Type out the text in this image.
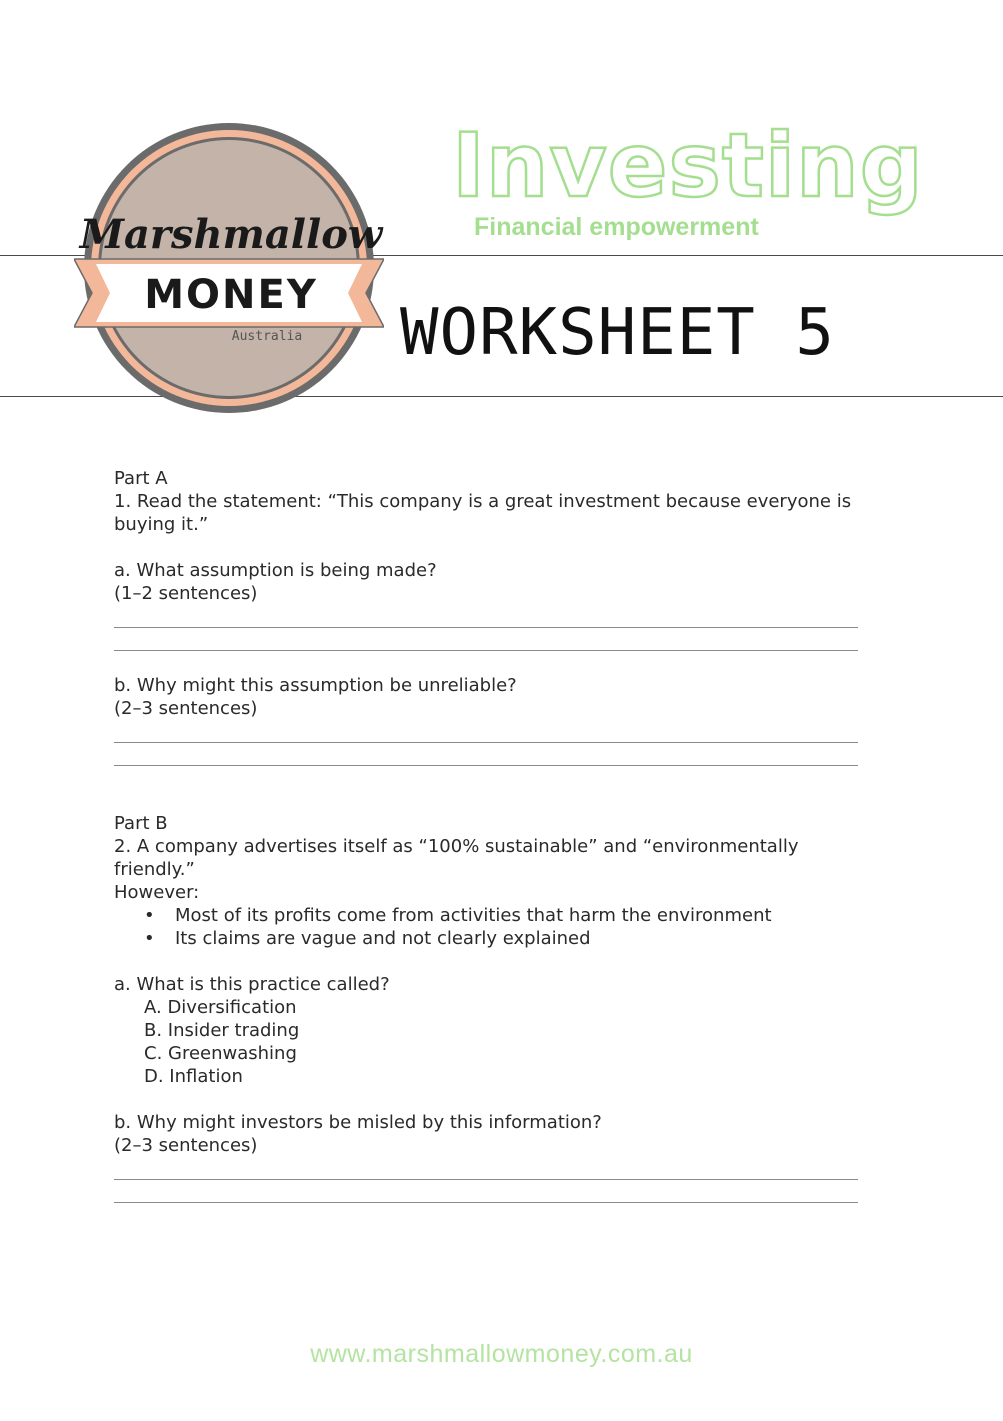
Marshmallow
MONEY
Australia
Investing
Financial empowerment
WORKSHEET 5

Part A

1. Read the statement: “This company is a great investment because everyone is

buying it.”

a. What assumption is being made?

(1–2 sentences)

b. Why might this assumption be unreliable?

(2–3 sentences)

Part B

2. A company advertises itself as “100% sustainable” and “environmentally friendly.”

However:

• Most of its profits come from activities that harm the environment
• Its claims are vague and not clearly explained

a. What is this practice called?

A. Diversification
B. Insider trading
C. Greenwashing
D. Inflation

b. Why might investors be misled by this information?

(2–3 sentences)

www.marshmallowmoney.com.au
